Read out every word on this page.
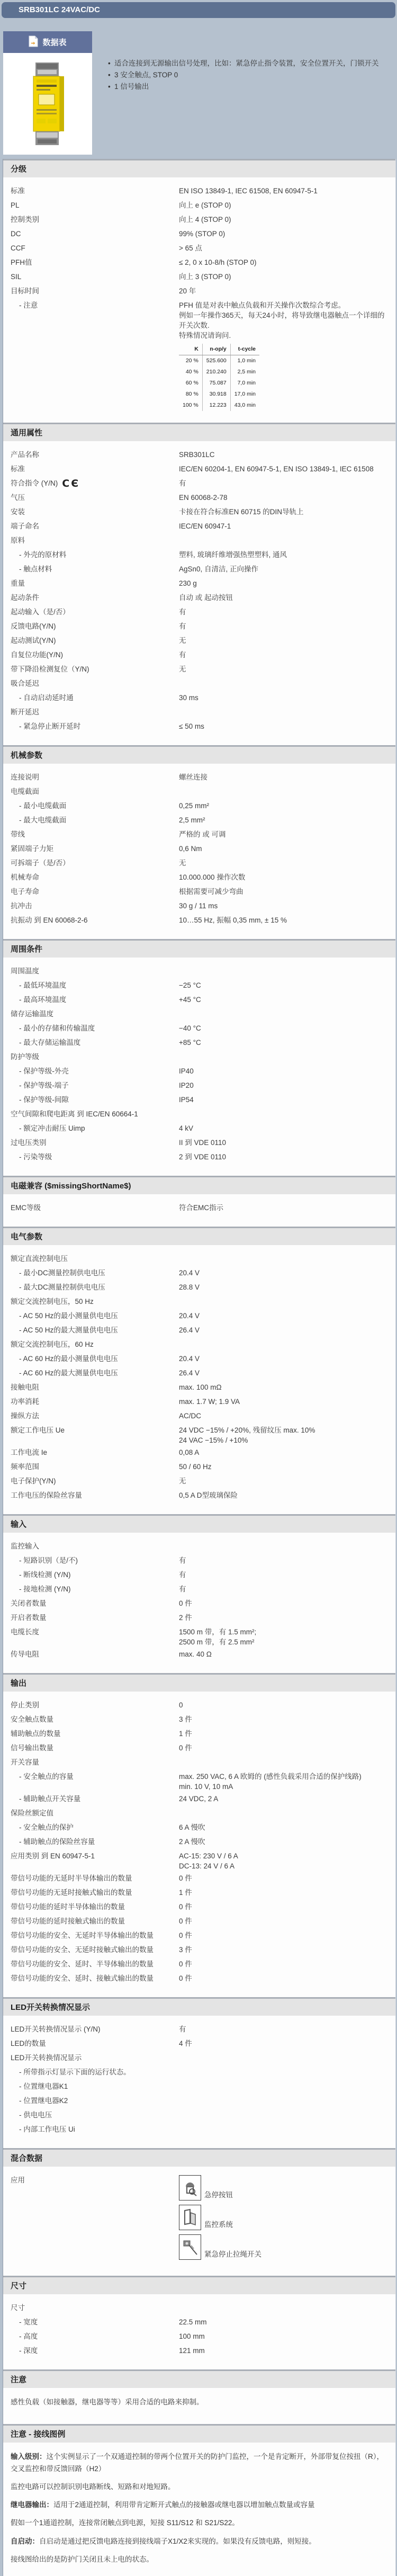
SRB301LC 24VAC/DC
数据表
• 适合连接到无源输出信号处理，比如：紧急停止指令装置，安全位置开关，门锁开关
• 3 安全触点, STOP 0
• 1 信号输出
分级
标准	EN ISO 13849-1, IEC 61508, EN 60947-5-1
PL	向上 e (STOP 0)
控制类别	向上 4 (STOP 0)
DC	99% (STOP 0)
CCF	> 65 点
PFH值	≤ 2, 0 x 10-8/h (STOP 0)
SIL	向上 3 (STOP 0)
目标时间	20 年
- 注意	PFH 值是对表中触点负载和开关操作次数综合考虑。
例如一年操作365天，每天24小时，将导致继电器触点一个详细的开关次数.
特殊情况请询问.
K	n-op/y	t-cycle
20 %	525.600	1,0 min
40 %	210.240	2,5 min
60 %	75.087	7,0 min
80 %	30.918	17,0 min
100 %	12.223	43,0 min
通用属性
产品名称	SRB301LC
标准	IEC/EN 60204-1, EN 60947-5-1, EN ISO 13849-1, IEC 61508
符合指令 (Y/N) CЄ	有
气压	EN 60068-2-78
安装	卡接在符合标准EN 60715 的DIN导轨上
端子命名	IEC/EN 60947-1
原料
- 外壳的原材料	塑料, 玻璃纤维增强热塑塑料, 通风
- 触点材料	AgSn0, 自清洁, 正向操作
重量	230 g
起动条件	自动 或 起动按钮
起动输入（是/否）	有
反馈电路(Y/N)	有
起动测试(Y/N)	无
自复位功能(Y/N)	有
带下降沿检测复位（Y/N)	无
吸合延迟
- 自动启动延时通	30 ms
断开延迟
- 紧急停止断开延时	≤ 50 ms
机械参数
连接说明	螺丝连接
电缆截面
- 最小电缆截面	0,25 mm²
- 最大电缆截面	2,5 mm²
带线	严格的 或 可调
紧固端子力矩	0,6 Nm
可拆端子（是/否）	无
机械寿命	10.000.000 操作次数
电子寿命	根据需要可减少弯曲
抗冲击	30 g / 11 ms
抗振动 到 EN 60068-2-6	10…55 Hz, 振幅 0,35 mm, ± 15 %
周围条件
周围温度
- 最低环境温度	−25 °C
- 最高环境温度	+45 °C
储存运输温度
- 最小的存储和传输温度	−40 °C
- 最大存储运输温度	+85 °C
防护等级
- 保护等级-外壳	IP40
- 保护等级-端子	IP20
- 保护等级-间隙	IP54
空气间隙和爬电距离 到 IEC/EN 60664-1
- 额定冲击耐压 Uimp	4 kV
过电压类别	II 到 VDE 0110
- 污染等级	2 到 VDE 0110
电磁兼容 ($missingShortName$)
EMC等级	符合EMC指示
电气参数
额定直流控制电压
- 最小DC测量控制供电电压	20.4 V
- 最大DC测量控制供电电压	28.8 V
额定交流控制电压，50 Hz
- AC 50 Hz的最小测量供电电压	20.4 V
- AC 50 Hz的最大测量供电电压	26.4 V
额定交流控制电压，60 Hz
- AC 60 Hz的最小测量供电电压	20.4 V
- AC 60 Hz的最大测量供电电压	26.4 V
接触电阻	max. 100 mΩ
功率消耗	max. 1.7 W; 1.9 VA
操纵方法	AC/DC
额定工作电压 Ue	24 VDC −15% / +20%, 残留纹压 max. 10%
24 VAC −15% / +10%
工作电流 Ie	0,08 A
频率范围	50 / 60 Hz
电子保护(Y/N)	无
工作电压的保险丝容量	0,5 A D型玻璃保险
输入
监控输入
- 短路识别（是/不)	有
- 断线检测 (Y/N)	有
- 接地检测 (Y/N)	有
关闭者数量	0 件
开启者数量	2 件
电缆长度	1500 m 带，有 1.5 mm²;
2500 m 带，有 2.5 mm²
传导电阻	max. 40 Ω
输出
停止类别	0
安全触点数量	3 件
辅助触点的数量	1 件
信号输出数量	0 件
开关容量
- 安全触点的容量	max. 250 VAC, 6 A 欧姆的 (感性负载采用合适的保护线路)
min. 10 V, 10 mA
- 辅助触点开关容量	24 VDC, 2 A
保险丝额定值
- 安全触点的保护	6 A 慢吹
- 辅助触点的保险丝容量	2 A 慢吹
应用类别 到 EN 60947-5-1	AC-15: 230 V / 6 A
DC-13: 24 V / 6 A
带信号功能的无延时半导体输出的数量	0 件
带信号功能的无延时接触式输出的数量	1 件
带信号功能的延时半导体输出的数量	0 件
带信号功能的延时接触式输出的数量	0 件
带信号功能的安全、无延时半导体输出的数量	0 件
带信号功能的安全、无延时接触式输出的数量	3 件
带信号功能的安全、延时、半导体输出的数量	0 件
带信号功能的安全、延时、接触式输出的数量	0 件
LED开关转换情况显示
LED开关转换情况显示 (Y/N)	有
LED的数量	4 件
LED开关转换情况显示
- 所带指示灯显示下面的运行状态。
- 位置继电器K1
- 位置继电器K2
- 供电电压
- 内部工作电压 Ui
混合数据
应用
急停按钮
监控系统
紧急停止拉绳开关
尺寸
尺寸
- 宽度	22.5 mm
- 高度	100 mm
- 深度	121 mm
注意
感性负载（如接触器，继电器等等）采用合适的电路来抑制。
注意 - 接线图例
输入级别：这个实例显示了一个双通道控制的带两个位置开关的防护门监控，一个是肯定断开，外部带复位按扭（R），交叉监控和带反馈回路（H2）
监控电路可以控制识别电路断线、短路和对地短路。
继电器输出：适用于2通道控制，利用带肯定断开式触点的接触器或继电器以增加触点数量或容量
假如一个1通道控制，连接常闭触点到电源，短接 S11/S12 和 S21/S22。
自启动：自启动是通过把反馈电路连接到接线端子X1/X2来实现的。如果没有反馈电路，则短接。
接线图给出的是防护门关闭且未上电的状态。
